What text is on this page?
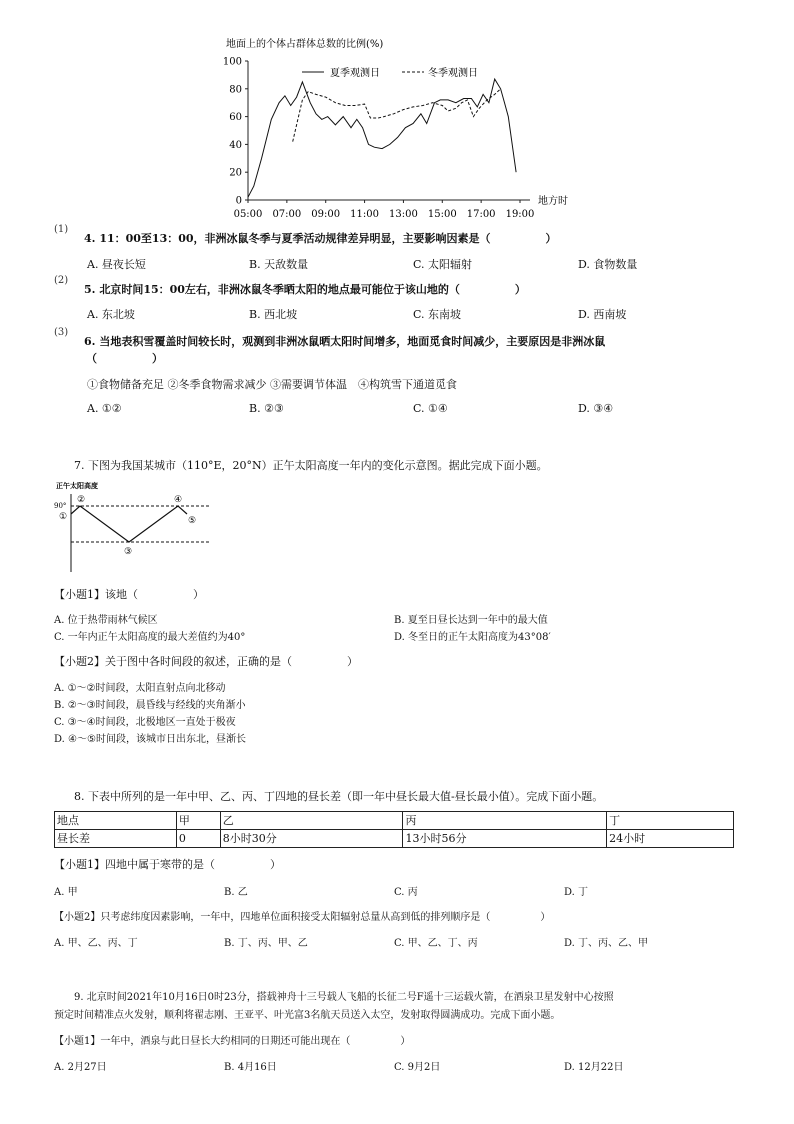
地面上的个体占群体总数的比例(%)
100
80
60
40
20
0
05:00 07:00 09:00 11:00 13:00 15:00 17:00 19:00
地方时
夏季观测日	冬季观测日
(1)
4. 11：00至13：00，非洲冰鼠冬季与夏季活动规律差异明显，主要影响因素是（　　　　　）
A. 昼夜长短	B. 天敌数量	C. 太阳辐射	D. 食物数量
(2)
5. 北京时间15：00左右，非洲冰鼠冬季晒太阳的地点最可能位于该山地的（　　　　　）
A. 东北坡	B. 西北坡	C. 东南坡	D. 西南坡
(3)
6. 当地表积雪覆盖时间较长时，观测到非洲冰鼠晒太阳时间增多，地面觅食时间减少，主要原因是非洲冰鼠
（　　　　　）
①食物储备充足 ②冬季食物需求减少 ③需要调节体温　④构筑雪下通道觅食
A. ①②	B. ②③	C. ①④	D. ③④
7. 下图为我国某城市（110°E，20°N）正午太阳高度一年内的变化示意图。据此完成下面小题。
正午太阳高度
90°
①
②
③
④
⑤
【小题1】该地（　　　　　）
A. 位于热带雨林气候区	B. 夏至日昼长达到一年中的最大值
C. 一年内正午太阳高度的最大差值约为40°	D. 冬至日的正午太阳高度为43°08′
【小题2】关于图中各时间段的叙述，正确的是（　　　　　）
A. ①～②时间段，太阳直射点向北移动
B. ②～③时间段，晨昏线与经线的夹角渐小
C. ③～④时间段，北极地区一直处于极夜
D. ④～⑤时间段，该城市日出东北，昼渐长
8. 下表中所列的是一年中甲、乙、丙、丁四地的昼长差（即一年中昼长最大值-昼长最小值）。完成下面小题。
地点	甲	乙	丙	丁
昼长差	0	8小时30分	13小时56分	24小时
【小题1】四地中属于寒带的是（　　　　　）
A. 甲	B. 乙	C. 丙	D. 丁
【小题2】只考虑纬度因素影响，一年中，四地单位面积接受太阳辐射总量从高到低的排列顺序是（　　　　　）
A. 甲、乙、丙、丁	B. 丁、丙、甲、乙	C. 甲、乙、丁、丙	D. 丁、丙、乙、甲
9. 北京时间2021年10月16日0时23分，搭载神舟十三号载人飞船的长征二号F遥十三运载火箭，在酒泉卫星发射中心按照
预定时间精准点火发射，顺利将翟志刚、王亚平、叶光富3名航天员送入太空，发射取得圆满成功。完成下面小题。
【小题1】一年中，酒泉与此日昼长大约相同的日期还可能出现在（　　　　　）
A. 2月27日	B. 4月16日	C. 9月2日	D. 12月22日
